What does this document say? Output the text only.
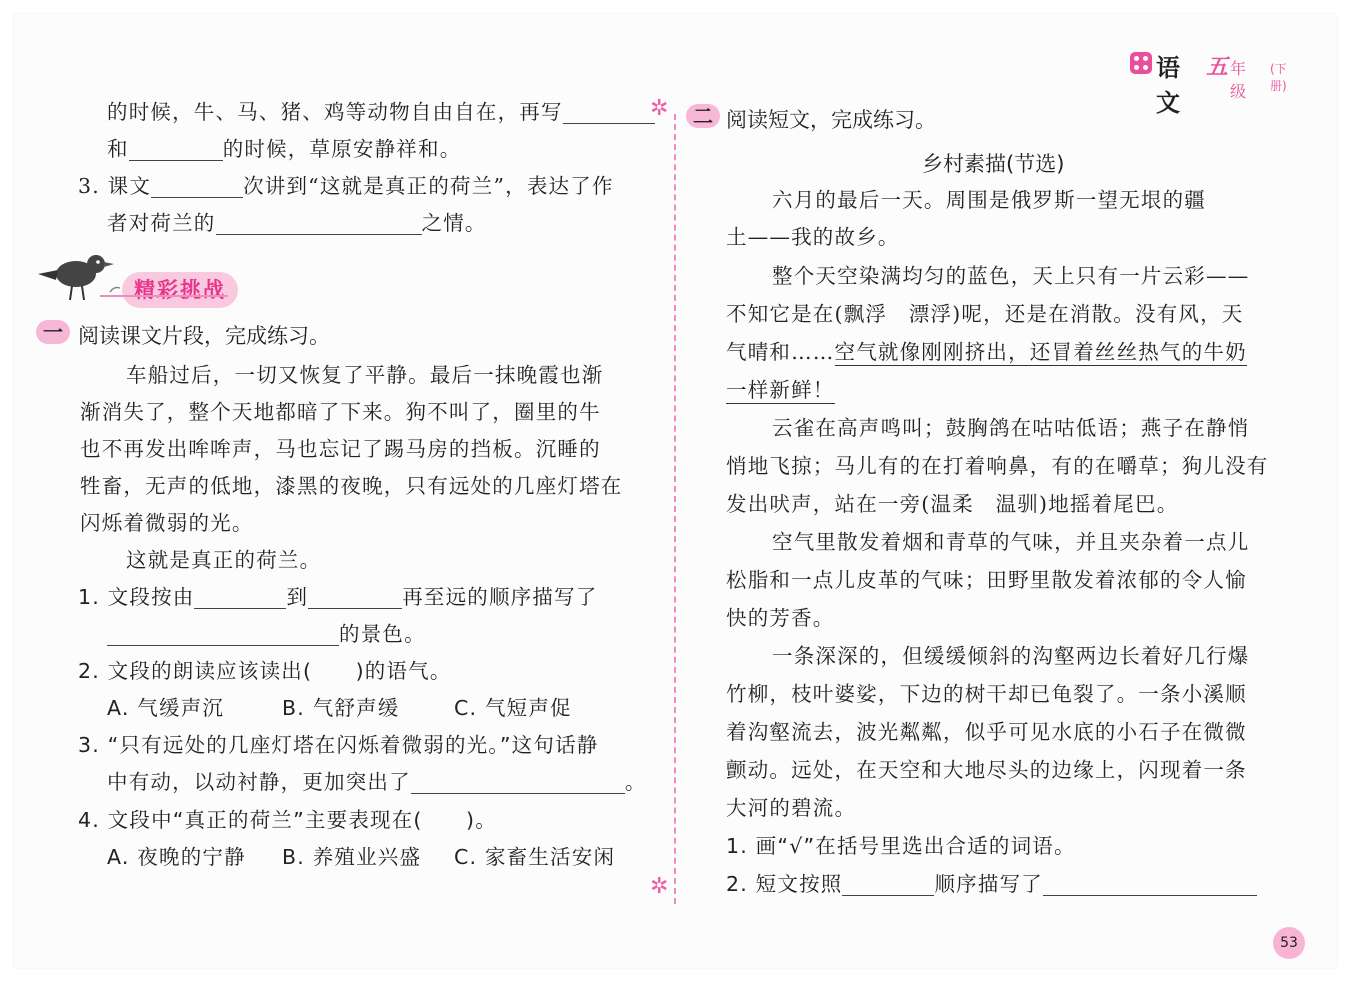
语文
五 年级
(下册)
✲
✲
的时候，牛、马、猪、鸡等动物自由自在，再写
和	的时候，草原安静祥和。
3. 课文	次讲到“这就是真正的荷兰”，表达了作
者对荷兰的	之情。
精彩挑战
一 阅读课文片段，完成练习。
车船过后，一切又恢复了平静。最后一抹晚霞也渐
渐消失了，整个天地都暗了下来。狗不叫了，圈里的牛
也不再发出哞哞声，马也忘记了踢马房的挡板。沉睡的
牲畜，无声的低地，漆黑的夜晚，只有远处的几座灯塔在
闪烁着微弱的光。
这就是真正的荷兰。
1. 文段按由	到	再至远的顺序描写了
的景色。
2. 文段的朗读应该读出(　　)的语气。
A. 气缓声沉	B. 气舒声缓	C. 气短声促
3. “只有远处的几座灯塔在闪烁着微弱的光。”这句话静
中有动，以动衬静，更加突出了	。
4. 文段中“真正的荷兰”主要表现在(　　)。
A. 夜晚的宁静 B. 养殖业兴盛 C. 家畜生活安闲
二 阅读短文，完成练习。
乡村素描(节选)
六月的最后一天。周围是俄罗斯一望无垠的疆
土——我的故乡。
整个天空染满均匀的蓝色，天上只有一片云彩——
不知它是在(飘浮　漂浮)呢，还是在消散。没有风，天
气晴和……空气就像刚刚挤出，还冒着丝丝热气的牛奶
一样新鲜！
云雀在高声鸣叫；鼓胸鸽在咕咕低语；燕子在静悄
悄地飞掠；马儿有的在打着响鼻，有的在嚼草；狗儿没有
发出吠声，站在一旁(温柔　温驯)地摇着尾巴。
空气里散发着烟和青草的气味，并且夹杂着一点儿
松脂和一点儿皮革的气味；田野里散发着浓郁的令人愉
快的芳香。
一条深深的，但缓缓倾斜的沟壑两边长着好几行爆
竹柳，枝叶婆娑，下边的树干却已龟裂了。一条小溪顺
着沟壑流去，波光粼粼，似乎可见水底的小石子在微微
颤动。远处，在天空和大地尽头的边缘上，闪现着一条
大河的碧流。
1. 画“√”在括号里选出合适的词语。
2. 短文按照	顺序描写了
53
